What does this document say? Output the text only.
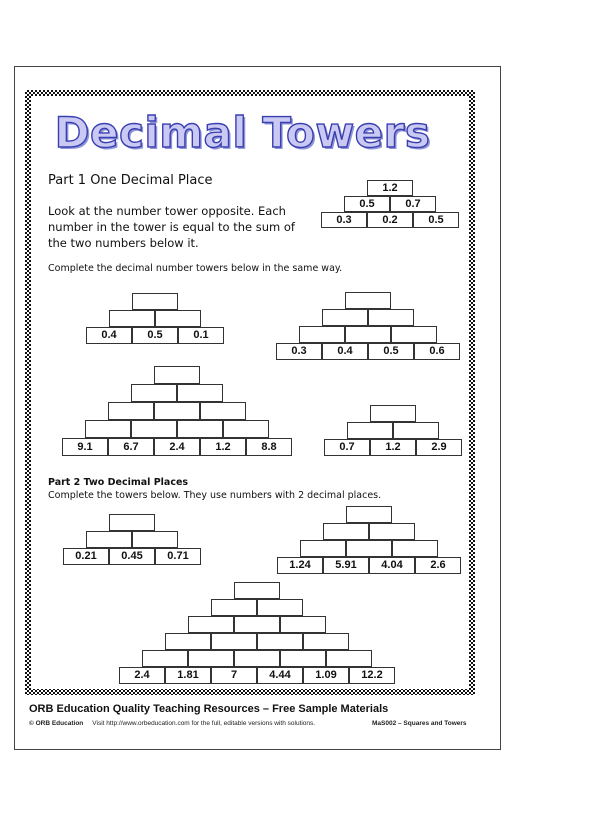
Decimal Towers
Part 1 One Decimal Place
Look at the number tower opposite. Each number in the tower is equal to the sum of the two numbers below it.
Complete the decimal number towers below in the same way.
Part 2 Two Decimal Places
Complete the towers below. They use numbers with 2 decimal places.
1.2
0.5	0.7
0.3	0.2	0.5
0.4	0.5	0.1
0.3	0.4	0.5	0.6
9.1	6.7	2.4	1.2	8.8	0.7	1.2	2.9
0.21	0.45	0.71
1.24	5.91	4.04	2.6
2.4	1.81	7	4.44	1.09	12.2
ORB Education Quality Teaching Resources – Free Sample Materials
© ORB Education Visit http://www.orbeducation.com for the full, editable versions with solutions.	MaS002 – Squares and Towers
